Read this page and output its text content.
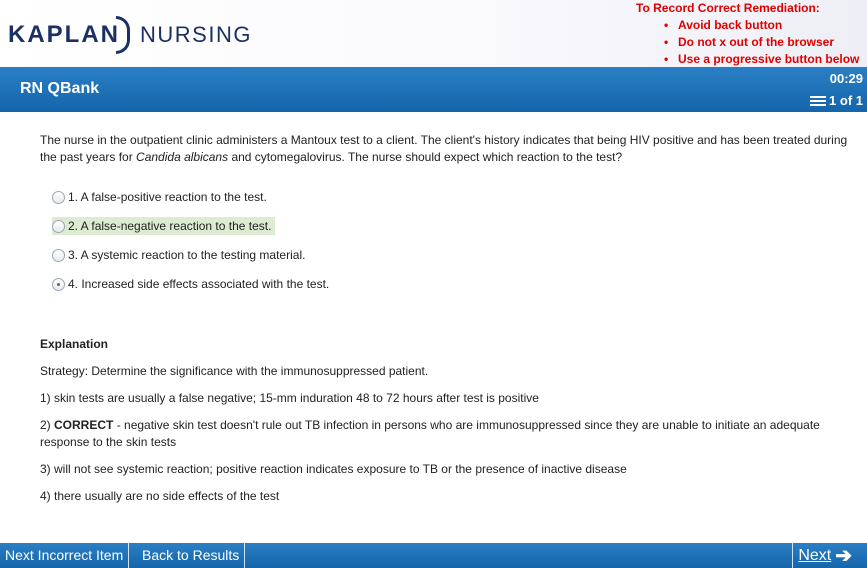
KAPLAN NURSING
To Record Correct Remediation:
• Avoid back button
• Do not x out of the browser
• Use a progressive button below
RN QBank
00:29
1 of 1
The nurse in the outpatient clinic administers a Mantoux test to a client. The client's history indicates that being HIV positive and has been treated during the past years for Candida albicans and cytomegalovirus. The nurse should expect which reaction to the test?
1. A false-positive reaction to the test.
2. A false-negative reaction to the test.
3. A systemic reaction to the testing material.
4. Increased side effects associated with the test.
Explanation

Strategy: Determine the significance with the immunosuppressed patient.

1) skin tests are usually a false negative; 15-mm induration 48 to 72 hours after test is positive

2) CORRECT - negative skin test doesn't rule out TB infection in persons who are immunosuppressed since they are unable to initiate an adequate response to the skin tests

3) will not see systemic reaction; positive reaction indicates exposure to TB or the presence of inactive disease

4) there usually are no side effects of the test

Next Incorrect Item	Back to Results	Next ➔
